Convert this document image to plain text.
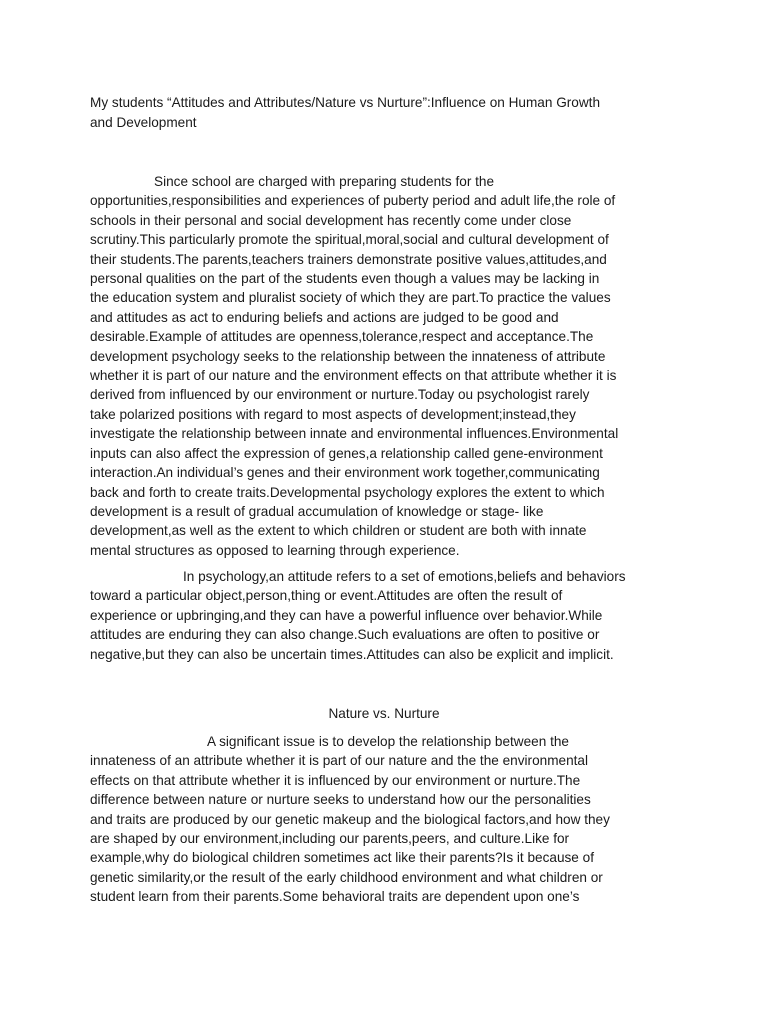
My students “Attitudes and Attributes/Nature vs Nurture”:Influence on Human Growth
and Development

Since school are charged with preparing students for the
opportunities,responsibilities and experiences of puberty period and adult life,the role of
schools in their personal and social development has recently come under close
scrutiny.This particularly promote the spiritual,moral,social and cultural development of
their students.The parents,teachers trainers demonstrate positive values,attitudes,and
personal qualities on the part of the students even though a values may be lacking in
the education system and pluralist society of which they are part.To practice the values
and attitudes as act to enduring beliefs and actions are judged to be good and
desirable.Example of attitudes are openness,tolerance,respect and acceptance.The
development psychology seeks to the relationship between the innateness of attribute
whether it is part of our nature and the environment effects on that attribute whether it is
derived from influenced by our environment or nurture.Today ou psychologist rarely
take polarized positions with regard to most aspects of development;instead,they
investigate the relationship between innate and environmental influences.Environmental
inputs can also affect the expression of genes,a relationship called gene-environment
interaction.An individual’s genes and their environment work together,communicating
back and forth to create traits.Developmental psychology explores the extent to which
development is a result of gradual accumulation of knowledge or stage- like
development,as well as the extent to which children or student are both with innate
mental structures as opposed to learning through experience.

In psychology,an attitude refers to a set of emotions,beliefs and behaviors
toward a particular object,person,thing or event.Attitudes are often the result of
experience or upbringing,and they can have a powerful influence over behavior.While
attitudes are enduring they can also change.Such evaluations are often to positive or
negative,but they can also be uncertain times.Attitudes can also be explicit and implicit.

Nature vs. Nurture

A significant issue is to develop the relationship between the
innateness of an attribute whether it is part of our nature and the the environmental
effects on that attribute whether it is influenced by our environment or nurture.The
difference between nature or nurture seeks to understand how our the personalities
and traits are produced by our genetic makeup and the biological factors,and how they
are shaped by our environment,including our parents,peers, and culture.Like for
example,why do biological children sometimes act like their parents?Is it because of
genetic similarity,or the result of the early childhood environment and what children or
student learn from their parents.Some behavioral traits are dependent upon one’s
